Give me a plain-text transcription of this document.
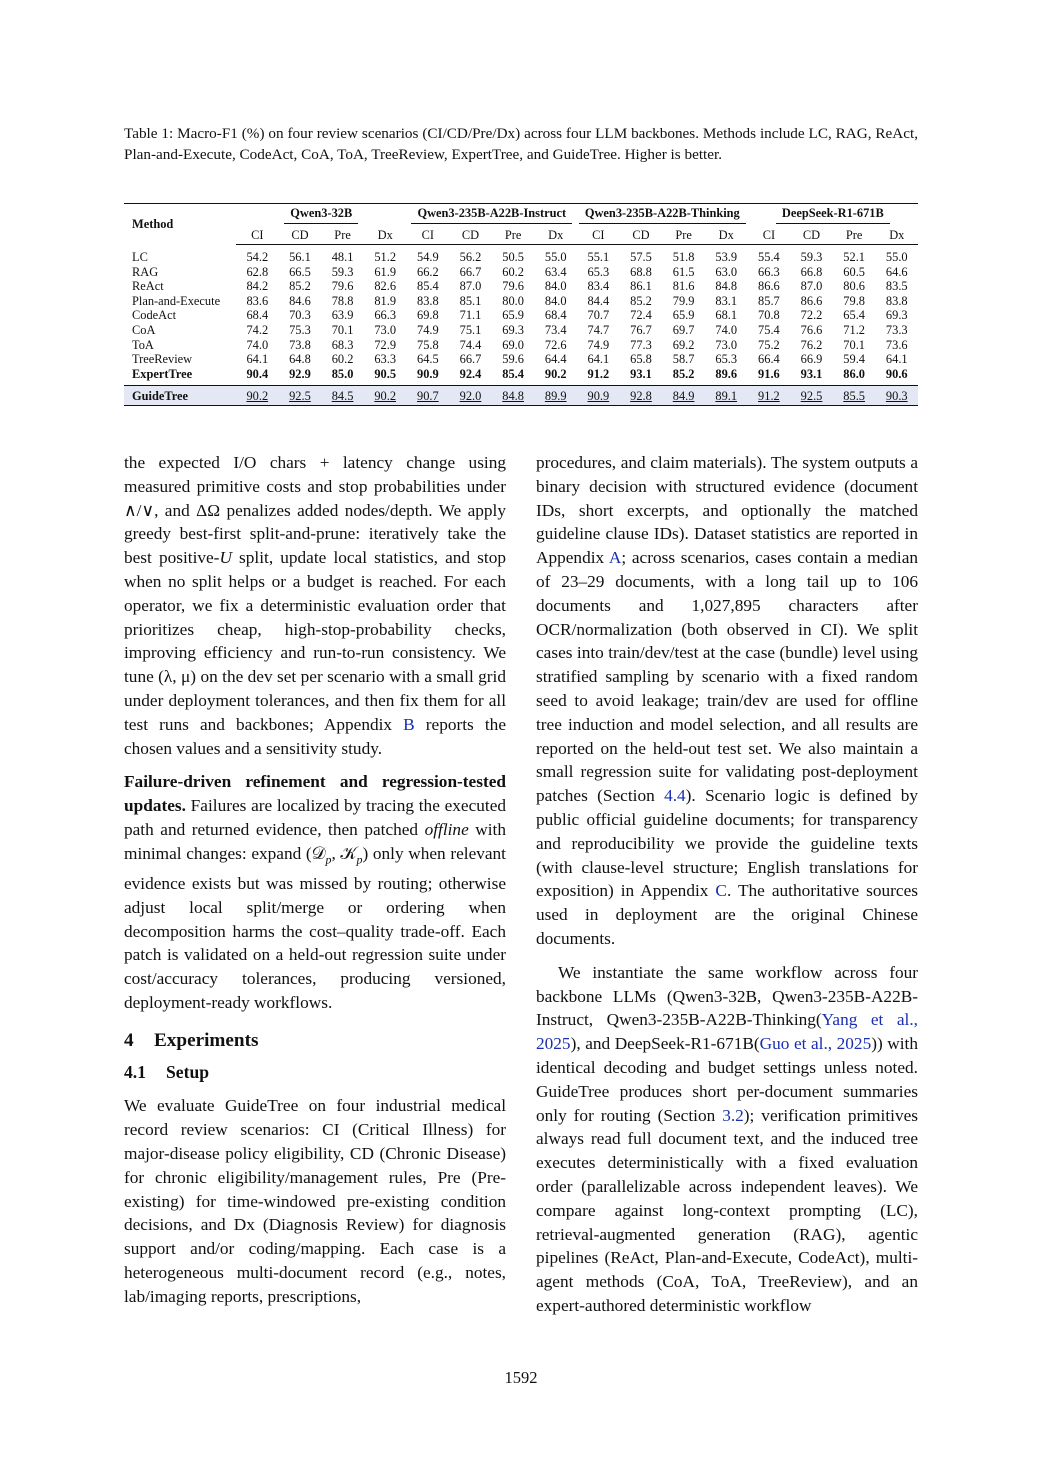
Table 1: Macro-F1 (%) on four review scenarios (CI/CD/Pre/Dx) across four LLM backbones. Methods include LC, RAG, ReAct, Plan-and-Execute, CodeAct, CoA, ToA, TreeReview, ExpertTree, and GuideTree. Higher is better.
Method	Qwen3-32B				Qwen3-235B-A22B-Instruct				Qwen3-235B-A22B-Thinking				DeepSeek-R1-671B			
	CI	CD	Pre	Dx	CI	CD	Pre	Dx	CI	CD	Pre	Dx	CI	CD	Pre	Dx
LC	54.2	56.1	48.1	51.2	54.9	56.2	50.5	55.0	55.1	57.5	51.8	53.9	55.4	59.3	52.1	55.0
RAG	62.8	66.5	59.3	61.9	66.2	66.7	60.2	63.4	65.3	68.8	61.5	63.0	66.3	66.8	60.5	64.6
ReAct	84.2	85.2	79.6	82.6	85.4	87.0	79.6	84.0	83.4	86.1	81.6	84.8	86.6	87.0	80.6	83.5
Plan-and-Execute	83.6	84.6	78.8	81.9	83.8	85.1	80.0	84.0	84.4	85.2	79.9	83.1	85.7	86.6	79.8	83.8
CodeAct	68.4	70.3	63.9	66.3	69.8	71.1	65.9	68.4	70.7	72.4	65.9	68.1	70.8	72.2	65.4	69.3
CoA	74.2	75.3	70.1	73.0	74.9	75.1	69.3	73.4	74.7	76.7	69.7	74.0	75.4	76.6	71.2	73.3
ToA	74.0	73.8	68.3	72.9	75.8	74.4	69.0	72.6	74.9	77.3	69.2	73.0	75.2	76.2	70.1	73.6
TreeReview	64.1	64.8	60.2	63.3	64.5	66.7	59.6	64.4	64.1	65.8	58.7	65.3	66.4	66.9	59.4	64.1
ExpertTree	90.4	92.9	85.0	90.5	90.9	92.4	85.4	90.2	91.2	93.1	85.2	89.6	91.6	93.1	86.0	90.6
GuideTree	90.2	92.5	84.5	90.2	90.7	92.0	84.8	89.9	90.9	92.8	84.9	89.1	91.2	92.5	85.5	90.3

the expected I/O chars + latency change using measured primitive costs and stop probabilities under ∧/∨, and ΔΩ penalizes added nodes/depth. We apply greedy best-first split-and-prune: iteratively take the best positive-U split, update local statistics, and stop when no split helps or a budget is reached. For each operator, we fix a deterministic evaluation order that prioritizes cheap, high-stop-probability checks, improving efficiency and run-to-run consistency. We tune (λ, μ) on the dev set per scenario with a small grid under deployment tolerances, and then fix them for all test runs and backbones; Appendix B reports the chosen values and a sensitivity study.

Failure-driven refinement and regression-tested updates. Failures are localized by tracing the executed path and returned evidence, then patched offline with minimal changes: expand (𝒟$_p$, 𝒦$_p$) only when relevant evidence exists but was missed by routing; otherwise adjust local split/merge or ordering when decomposition harms the cost–quality trade-off. Each patch is validated on a held-out regression suite under cost/accuracy tolerances, producing versioned, deployment-ready workflows.

4 Experiments

4.1 Setup

We evaluate GuideTree on four industrial medical record review scenarios: CI (Critical Illness) for major-disease policy eligibility, CD (Chronic Disease) for chronic eligibility/management rules, Pre (Pre-existing) for time-windowed pre-existing condition decisions, and Dx (Diagnosis Review) for diagnosis support and/or coding/mapping. Each case is a heterogeneous multi-document record (e.g., notes, lab/imaging reports, prescriptions,

procedures, and claim materials). The system outputs a binary decision with structured evidence (document IDs, short excerpts, and optionally the matched guideline clause IDs). Dataset statistics are reported in Appendix A; across scenarios, cases contain a median of 23–29 documents, with a long tail up to 106 documents and 1,027,895 characters after OCR/normalization (both observed in CI). We split cases into train/dev/test at the case (bundle) level using stratified sampling by scenario with a fixed random seed to avoid leakage; train/dev are used for offline tree induction and model selection, and all results are reported on the held-out test set. We also maintain a small regression suite for validating post-deployment patches (Section 4.4). Scenario logic is defined by public official guideline documents; for transparency and reproducibility we provide the guideline texts (with clause-level structure; English translations for exposition) in Appendix C. The authoritative sources used in deployment are the original Chinese documents.

We instantiate the same workflow across four backbone LLMs (Qwen3-32B, Qwen3-235B-A22B-Instruct, Qwen3-235B-A22B-Thinking(Yang et al., 2025), and DeepSeek-R1-671B(Guo et al., 2025)) with identical decoding and budget settings unless noted. GuideTree produces short per-document summaries only for routing (Section 3.2); verification primitives always read full document text, and the induced tree executes deterministically with a fixed evaluation order (parallelizable across independent leaves). We compare against long-context prompting (LC), retrieval-augmented generation (RAG), agentic pipelines (ReAct, Plan-and-Execute, CodeAct), multi-agent methods (CoA, ToA, TreeReview), and an expert-authored deterministic workflow

1592
